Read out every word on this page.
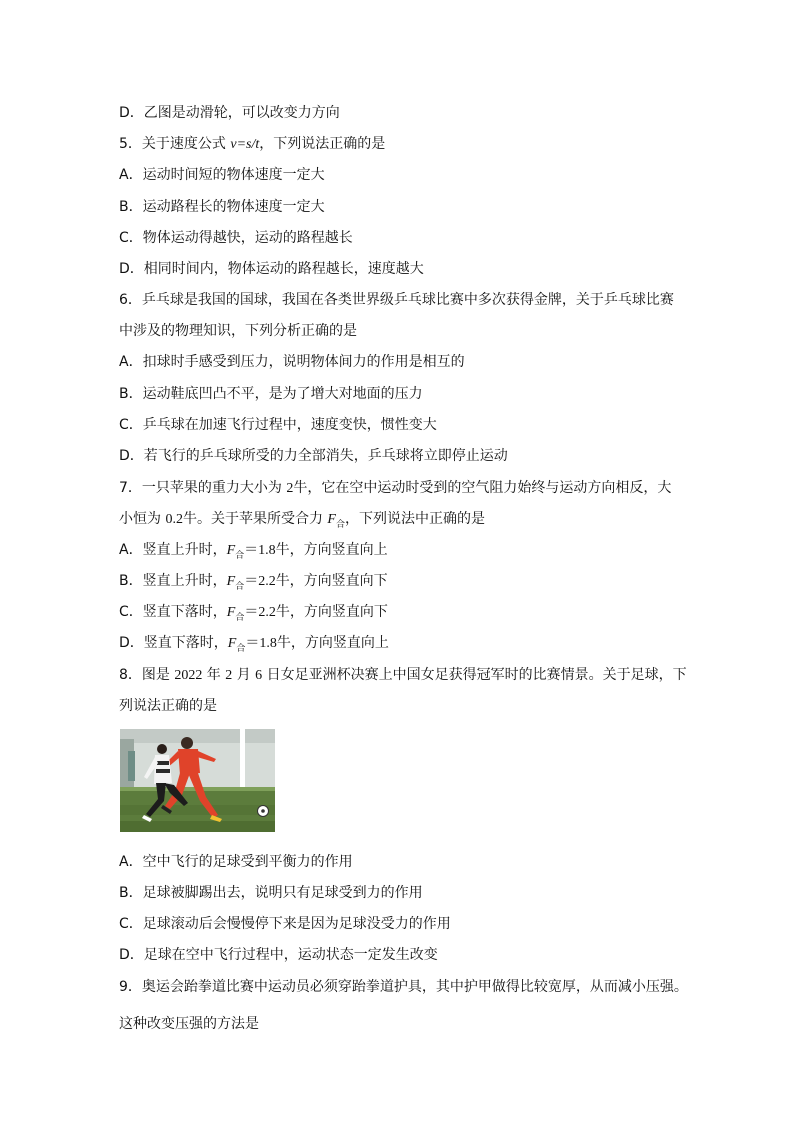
D．乙图是动滑轮，可以改变力方向
5．关于速度公式 v=s/t，下列说法正确的是
A．运动时间短的物体速度一定大
B．运动路程长的物体速度一定大
C．物体运动得越快，运动的路程越长
D．相同时间内，物体运动的路程越长，速度越大
6．乒乓球是我国的国球，我国在各类世界级乒乓球比赛中多次获得金牌，关于乒乓球比赛
中涉及的物理知识，下列分析正确的是
A．扣球时手感受到压力，说明物体间力的作用是相互的
B．运动鞋底凹凸不平，是为了增大对地面的压力
C．乒乓球在加速飞行过程中，速度变快，惯性变大
D．若飞行的乒乓球所受的力全部消失，乒乓球将立即停止运动
7．一只苹果的重力大小为 2牛，它在空中运动时受到的空气阻力始终与运动方向相反，大
小恒为 0.2牛。关于苹果所受合力 $F_合$，下列说法中正确的是
A．竖直上升时，$F_合=1.8$牛，方向竖直向上
B．竖直上升时，$F_合=2.2$牛，方向竖直向下
C．竖直下落时，$F_合=2.2$牛，方向竖直向下
D．竖直下落时，$F_合=1.8$牛，方向竖直向上
8．图是 2022 年 2 月 6 日女足亚洲杯决赛上中国女足获得冠军时的比赛情景。关于足球，下
列说法正确的是
A．空中飞行的足球受到平衡力的作用
B．足球被脚踢出去，说明只有足球受到力的作用
C．足球滚动后会慢慢停下来是因为足球没受力的作用
D．足球在空中飞行过程中，运动状态一定发生改变
9．奥运会跆拳道比赛中运动员必须穿跆拳道护具，其中护甲做得比较宽厚，从而减小压强。
这种改变压强的方法是
